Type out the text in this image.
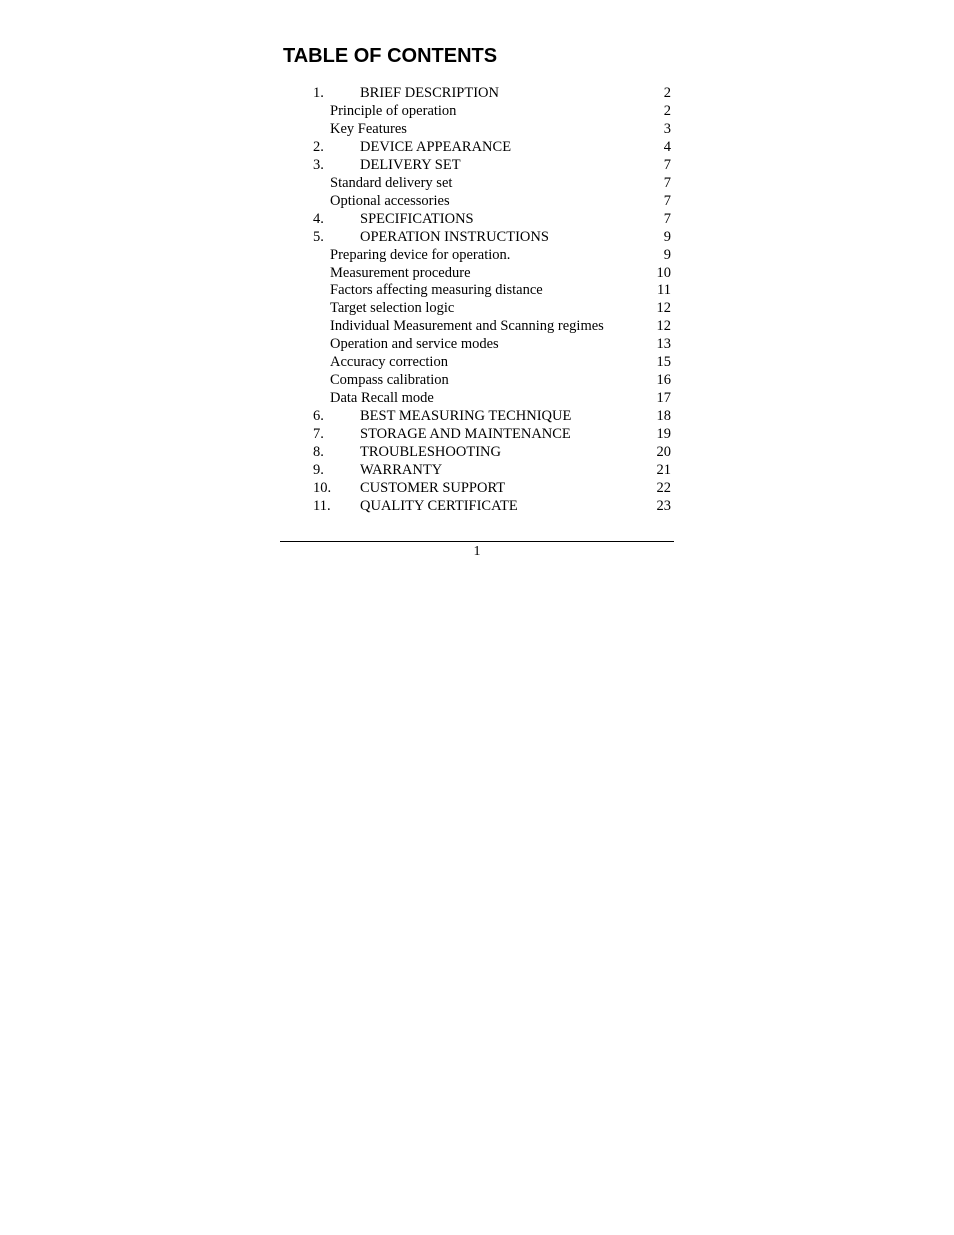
TABLE OF CONTENTS
1.	BRIEF DESCRIPTION	2
Principle of operation	2
Key Features	3
2.	DEVICE APPEARANCE	4
3.	DELIVERY SET	7
Standard delivery set	7
Optional accessories	7
4.	SPECIFICATIONS	7
5.	OPERATION INSTRUCTIONS	9
Preparing device for operation.	9
Measurement procedure	10
Factors affecting measuring distance	11
Target selection logic	12
Individual Measurement and Scanning regimes	12
Operation and service modes	13
Accuracy correction	15
Compass calibration	16
Data Recall mode	17
6.	BEST MEASURING TECHNIQUE	18
7.	STORAGE AND MAINTENANCE	19
8.	TROUBLESHOOTING	20
9.	WARRANTY	21
10.	CUSTOMER SUPPORT	22
11.	QUALITY CERTIFICATE	23
1
